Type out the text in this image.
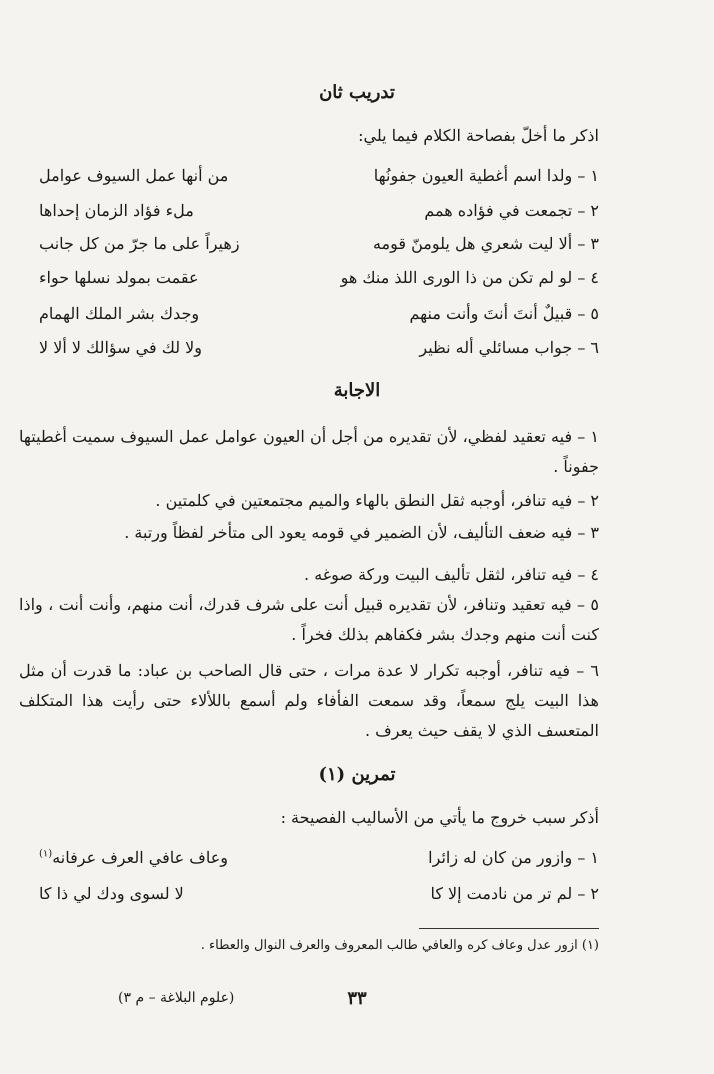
تدريب ثان
اذكر ما أخلّ بفصاحة الكلام فيما يلي:
١ – ولدا اسم أغطية العيون جفونُها
من أنها عمل السيوف عوامل
٢ – تجمعت في فؤاده همم
ملء فؤاد الزمان إحداها
٣ – ألا ليت شعري هل يلومنّ قومه
زهيراً على ما جرّ من كل جانب
٤ – لو لم تكن من ذا الورى اللذ منك هو
عقمت بمولد نسلها حواء
٥ – قبيلٌ أنتَ أنتَ وأنت منهم
وجدك بشر الملك الهمام
٦ – جواب مسائلي أله نظير
ولا لك في سؤالك لا ألا لا
الاجابة
١ – فيه تعقيد لفظي، لأن تقديره من أجل أن العيون عوامل عمل السيوف سميت أغطيتها جفوناً .
٢ – فيه تنافر، أوجبه ثقل النطق بالهاء والميم مجتمعتين في كلمتين .
٣ – فيه ضعف التأليف، لأن الضمير في قومه يعود الى متأخر لفظاً ورتبة .
٤ – فيه تنافر، لثقل تأليف البيت وركة صوغه .
٥ – فيه تعقيد وتنافر، لأن تقديره قبيل أنت على شرف قدرك، أنت منهم، وأنت أنت ، واذا كنت أنت منهم وجدك بشر فكفاهم بذلك فخراً .
٦ – فيه تنافر، أوجبه تكرار لا عدة مرات ، حتى قال الصاحب بن عباد: ما قدرت أن مثل هذا البيت يلج سمعاً، وقد سمعت الفأفاء ولم أسمع باللألاء حتى رأيت هذا المتكلف المتعسف الذي لا يقف حيث يعرف .
تمرين (١)
أذكر سبب خروج ما يأتي من الأساليب الفصيحة :
١ – وازور من كان له زائرا
وعاف عافي العرف عرفانه$^{(١)}$
٢ – لم تر من نادمت إلا كا
لا لسوى ودك لي ذا كا
(١) ازور عدل وعاف كره والعافي طالب المعروف والعرف النوال والعطاء .
٣٣
(علوم البلاغة – م ٣)
